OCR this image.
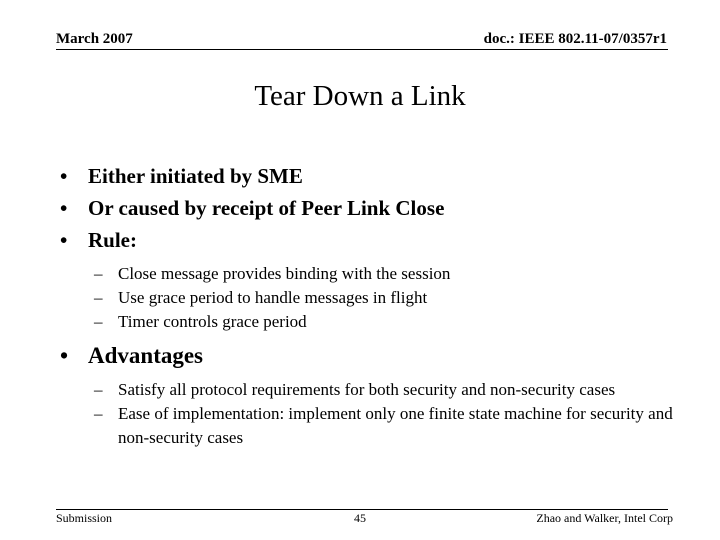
March 2007	doc.: IEEE 802.11-07/0357r1
Tear Down a Link
• Either initiated by SME
• Or caused by receipt of Peer Link Close
• Rule:
– Close message provides binding with the session
– Use grace period to handle messages in flight
– Timer controls grace period
• Advantages
– Satisfy all protocol requirements for both security and non-security cases
– Ease of implementation: implement only one finite state machine for security and non-security cases
Submission	45	Zhao and Walker, Intel Corp
